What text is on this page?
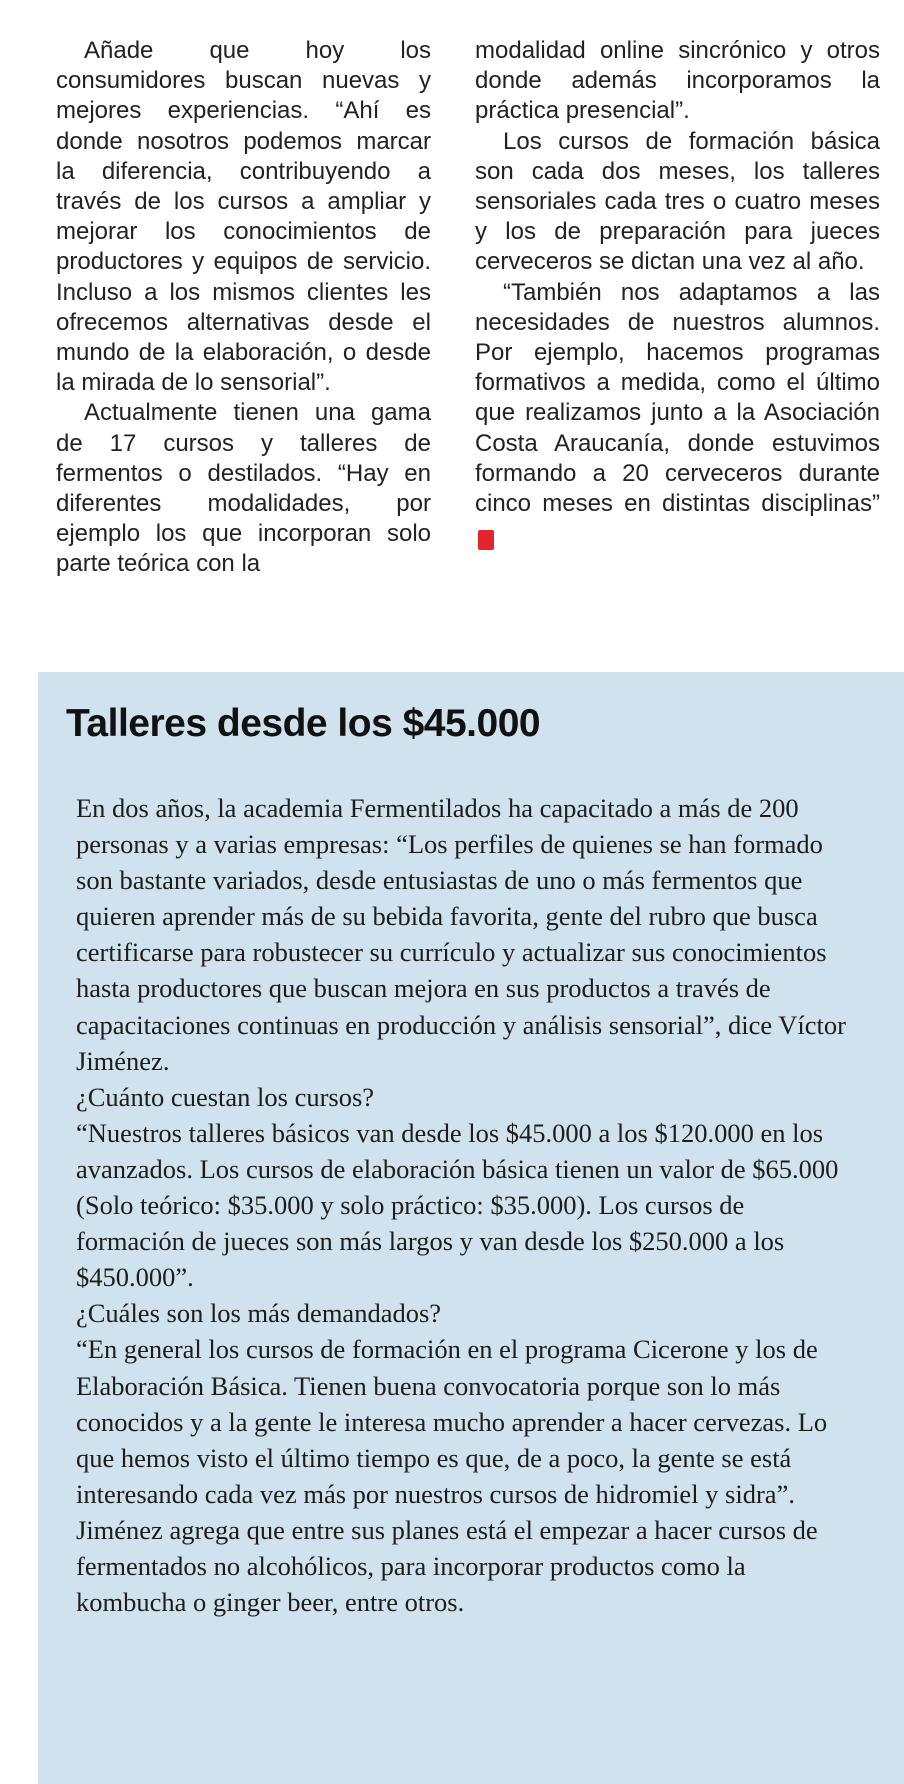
Añade que hoy los consumidores buscan nuevas y mejores experiencias. “Ahí es donde nosotros podemos marcar la diferencia, contribuyendo a través de los cursos a ampliar y mejorar los conocimientos de productores y equipos de servicio. Incluso a los mismos clientes les ofrecemos alternativas desde el mundo de la elaboración, o desde la mirada de lo sensorial”.

Actualmente tienen una gama de 17 cursos y talleres de fermentos o destilados. “Hay en diferentes modalidades, por ejemplo los que incorporan solo parte teórica con la

modalidad online sincrónico y otros donde además incorporamos la práctica presencial”.

Los cursos de formación básica son cada dos meses, los talleres sensoriales cada tres o cuatro meses y los de preparación para jueces cerveceros se dictan una vez al año.

“También nos adaptamos a las necesidades de nuestros alumnos. Por ejemplo, hacemos programas formativos a medida, como el último que realizamos junto a la Asociación Costa Araucanía, donde estuvimos formando a 20 cerveceros durante cinco meses en distintas disciplinas”M

Talleres desde los $45.000

En dos años, la academia Fermentilados ha capacitado a más de 200 personas y a varias empresas: “Los perfiles de quienes se han formado son bastante variados, desde entusiastas de uno o más fermentos que quieren aprender más de su bebida favorita, gente del rubro que busca certificarse para robustecer su currículo y actualizar sus conocimientos hasta productores que buscan mejora en sus productos a través de capacitaciones continuas en producción y análisis sensorial”, dice Víctor Jiménez.

¿Cuánto cuestan los cursos?

“Nuestros talleres básicos van desde los $45.000 a los $120.000 en los avanzados. Los cursos de elaboración básica tienen un valor de $65.000 (Solo teórico: $35.000 y solo práctico: $35.000). Los cursos de formación de jueces son más largos y van desde los $250.000 a los $450.000”.

¿Cuáles son los más demandados?

“En general los cursos de formación en el programa Cicerone y los de Elaboración Básica. Tienen buena convocatoria porque son lo más conocidos y a la gente le interesa mucho aprender a hacer cervezas. Lo que hemos visto el último tiempo es que, de a poco, la gente se está interesando cada vez más por nuestros cursos de hidromiel y sidra”. Jiménez agrega que entre sus planes está el empezar a hacer cursos de fermentados no alcohólicos, para incorporar productos como la kombucha o ginger beer, entre otros.
